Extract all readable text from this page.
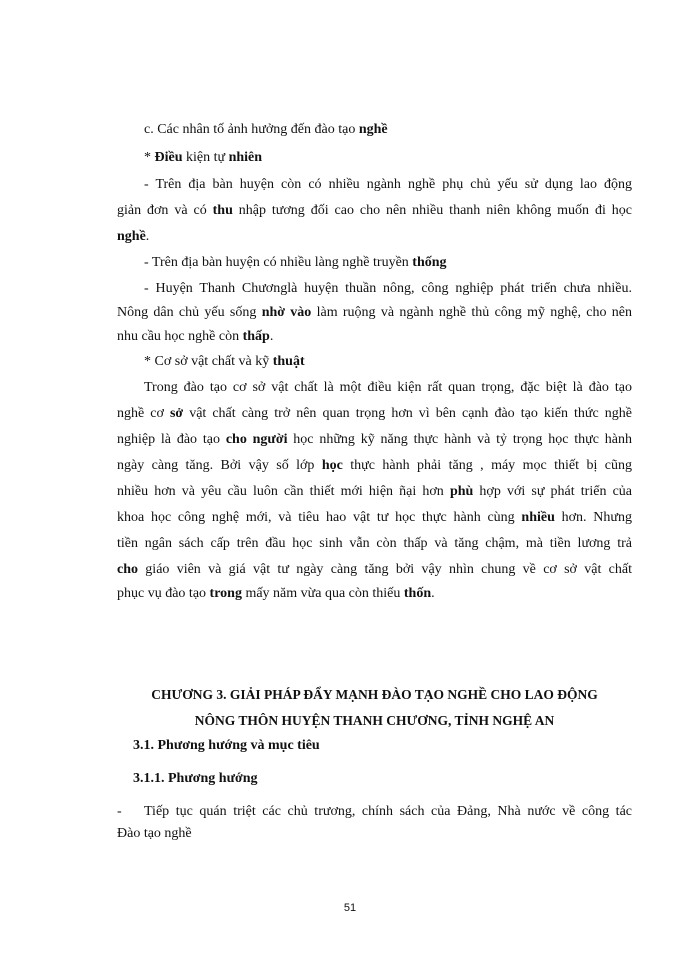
c. Các nhân tố ảnh hưởng đến đào tạo nghề
* Điều kiện tự nhiên
- Trên địa bàn huyện còn có nhiều ngành nghề phụ chủ yếu sử dụng lao động
giản đơn và có thu nhập tương đối cao cho nên nhiều thanh niên không muốn đi học
nghề.
- Trên địa bàn huyện có nhiều làng nghề truyền thống
- Huyện Thanh Chươnglà huyện thuần nông, công nghiệp phát triển chưa nhiều.
Nông dân chủ yếu sống nhờ vào làm ruộng và ngành nghề thủ công mỹ nghệ, cho nên
nhu cầu học nghề còn thấp.
* Cơ sở vật chất và kỹ thuật
Trong đào tạo cơ sở vật chất là một điều kiện rất quan trọng, đặc biệt là đào tạo
nghề cơ sở vật chất càng trở nên quan trọng hơn vì bên cạnh đào tạo kiến thức nghề
nghiệp là đào tạo cho người học những kỹ năng thực hành và tỷ trọng học thực hành
ngày càng tăng. Bởi vậy số lớp học thực hành phải tăng , máy mọc thiết bị cũng
nhiều hơn và yêu cầu luôn cần thiết mới hiện ñại hơn phù hợp với sự phát triển của
khoa học công nghệ mới, và tiêu hao vật tư học thực hành cùng nhiều hơn. Nhưng
tiền ngân sách cấp trên đầu học sinh vẫn còn thấp và tăng chậm, mà tiền lương trả
cho giáo viên và giá vật tư ngày càng tăng bởi vậy nhìn chung về cơ sở vật chất
phục vụ đào tạo trong mấy năm vừa qua còn thiếu thốn.
CHƯƠNG 3. GIẢI PHÁP ĐẨY MẠNH ĐÀO TẠO NGHỀ CHO LAO ĐỘNG
NÔNG THÔN HUYỆN THANH CHƯƠNG, TỈNH NGHỆ AN
3.1. Phương hướng và mục tiêu
3.1.1. Phương hướng
- Tiếp tục quán triệt các chủ trương, chính sách của Đảng, Nhà nước về công tác
Đào tạo nghề
51
